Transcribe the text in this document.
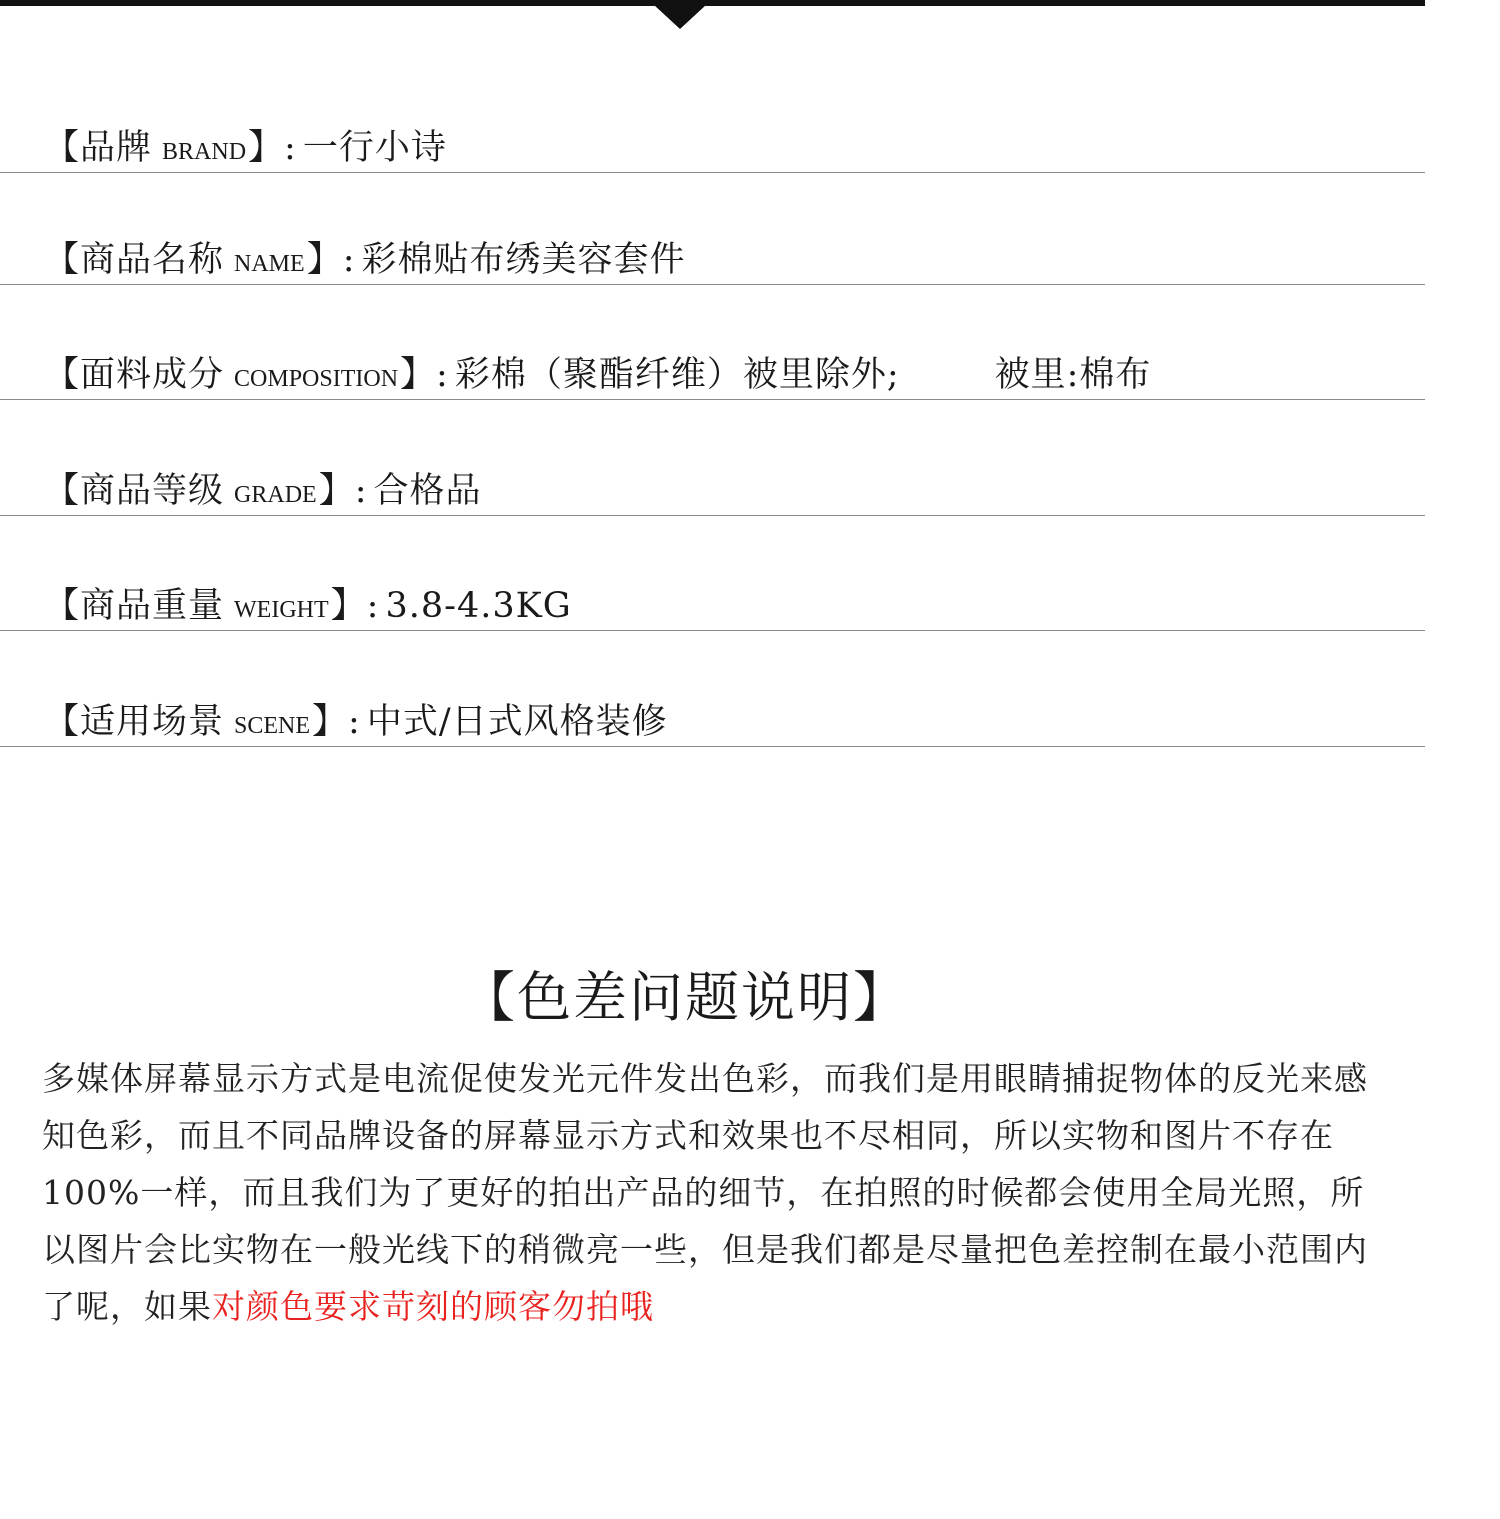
【品牌 BRAND】: 一行小诗
【商品名称 NAME】: 彩棉贴布绣美容套件
【面料成分 COMPOSITION】: 彩棉（聚酯纤维）被里除外;	被里:棉布
【商品等级 GRADE】: 合格品
【商品重量 WEIGHT】: 3.8-4.3KG
【适用场景 SCENE】: 中式/日式风格装修
【色差问题说明】
多媒体屏幕显示方式是电流促使发光元件发出色彩，而我们是用眼睛捕捉物体的反光来感知色彩，而且不同品牌设备的屏幕显示方式和效果也不尽相同，所以实物和图片不存在100%一样，而且我们为了更好的拍出产品的细节，在拍照的时候都会使用全局光照，所以图片会比实物在一般光线下的稍微亮一些，但是我们都是尽量把色差控制在最小范围内了呢，如果对颜色要求苛刻的顾客勿拍哦
